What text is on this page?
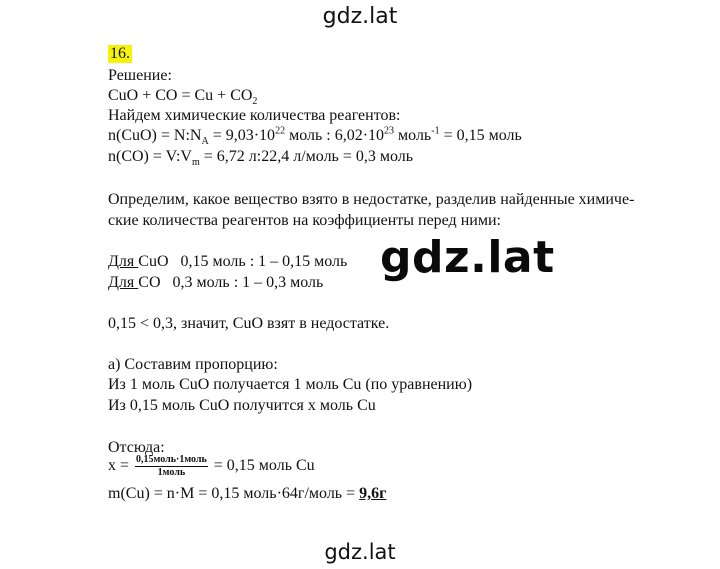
gdz.lat
16.
Решение:
CuO + CO = $Cu + CO_2$
Найдем химические количества реагентов:
$n(CuO) = N:N_A = 9,03\cdot 10^{22}$ моль : $6,02\cdot 10^{23}$ моль$^{-1}$ = 0,15 моль
$n(CO) = V:V_m = 6,72$ л:22,4 л/моль = 0,3 моль
Определим, какое вещество взято в недостатке, разделив найденные химиче-
ские количества реагентов на коэффициенты перед ними:
Для CuO   0,15 моль : 1 – 0,15 моль
Для CO   0,3 моль : 1 – 0,3 моль
0,15 < 0,3, значит, CuO взят в недостатке.
а) Составим пропорцию:
Из 1 моль CuO получается 1 моль Cu (по уравнению)
Из 0,15 моль CuO получится x моль Cu
Отсюда:
$x = \frac{\text{0,15моль·1моль}}{\text{1моль}} = 0,15$ моль Cu
m(Cu) = n·M = 0,15 моль·64г/моль = 9,6г
gdz.lat
gdz.lat
